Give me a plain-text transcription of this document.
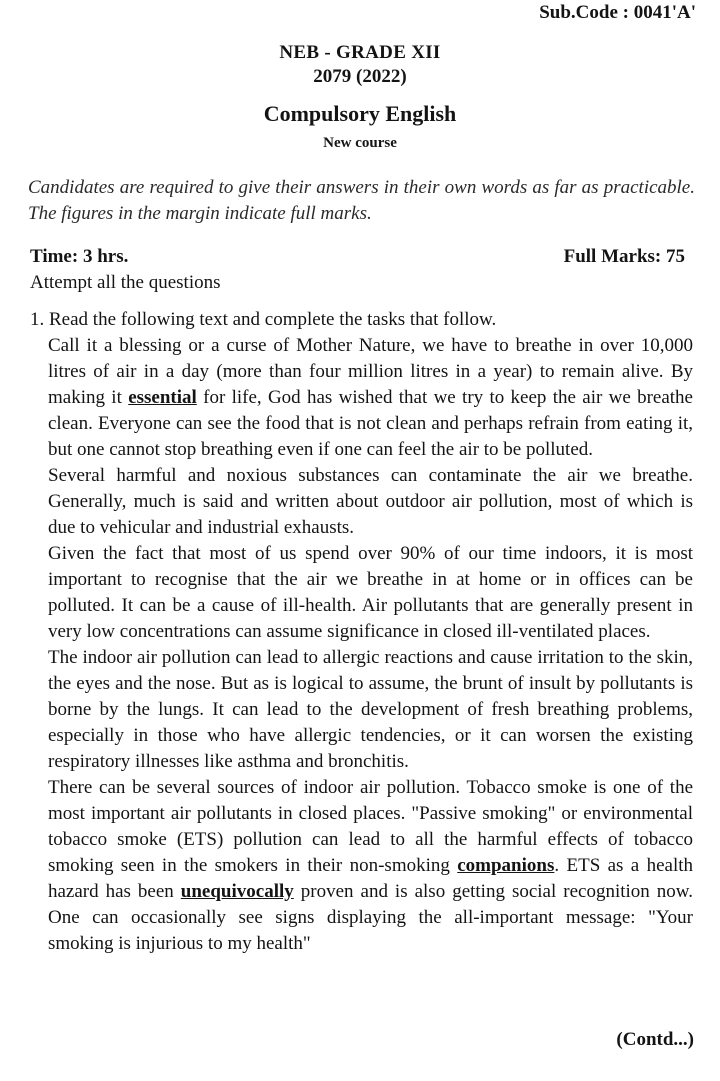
Sub.Code : 0041'A'
NEB - GRADE XII
2079 (2022)
Compulsory English
New course
Candidates are required to give their answers in their own words as far as practicable. The figures in the margin indicate full marks.
Time: 3 hrs.	Full Marks: 75
Attempt all the questions
1. Read the following text and complete the tasks that follow.

Call it a blessing or a curse of Mother Nature, we have to breathe in over 10,000 litres of air in a day (more than four million litres in a year) to remain alive. By making it essential for life, God has wished that we try to keep the air we breathe clean. Everyone can see the food that is not clean and perhaps refrain from eating it, but one cannot stop breathing even if one can feel the air to be polluted.

Several harmful and noxious substances can contaminate the air we breathe. Generally, much is said and written about outdoor air pollution, most of which is due to vehicular and industrial exhausts.

Given the fact that most of us spend over 90% of our time indoors, it is most important to recognise that the air we breathe in at home or in offices can be polluted. It can be a cause of ill-health. Air pollutants that are generally present in very low concentrations can assume significance in closed ill-ventilated places.

The indoor air pollution can lead to allergic reactions and cause irritation to the skin, the eyes and the nose. But as is logical to assume, the brunt of insult by pollutants is borne by the lungs. It can lead to the development of fresh breathing problems, especially in those who have allergic tendencies, or it can worsen the existing respiratory illnesses like asthma and bronchitis.

There can be several sources of indoor air pollution. Tobacco smoke is one of the most important air pollutants in closed places. "Passive smoking" or environmental tobacco smoke (ETS) pollution can lead to all the harmful effects of tobacco smoking seen in the smokers in their non-smoking companions. ETS as a health hazard has been unequivocally proven and is also getting social recognition now. One can occasionally see signs displaying the all-important message: "Your smoking is injurious to my health"

(Contd...)
